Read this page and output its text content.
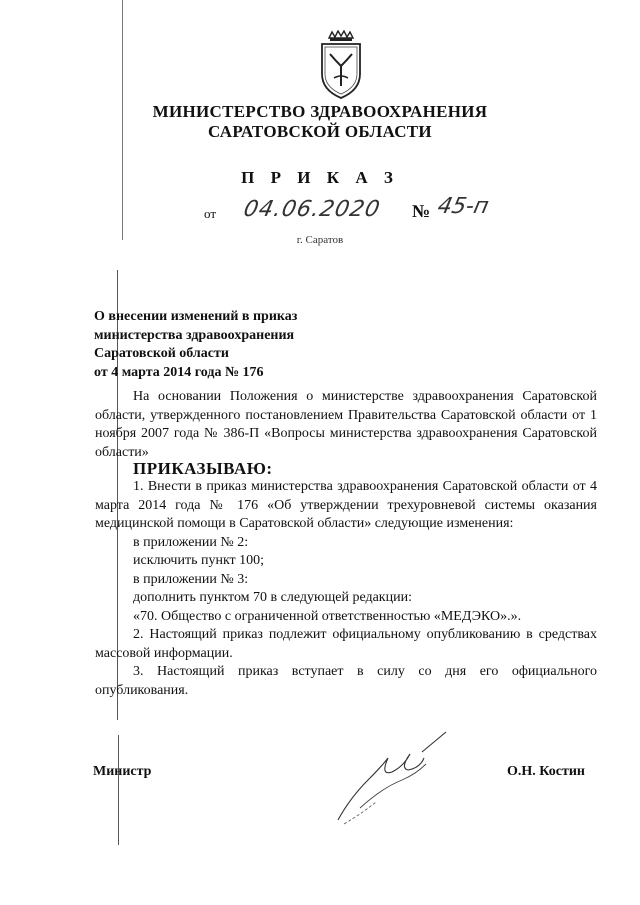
МИНИСТЕРСТВО ЗДРАВООХРАНЕНИЯ
САРАТОВСКОЙ ОБЛАСТИ
П Р И К А З
от 04.06.2020 № 45-п
г. Саратов
О внесении изменений в приказ
министерства здравоохранения
Саратовской области
от 4 марта 2014 года № 176
На основании Положения о министерстве здравоохранения Саратовской области, утвержденного постановлением Правительства Саратовской области от 1 ноября 2007 года № 386-П «Вопросы министерства здравоохранения Саратовской области»
ПРИКАЗЫВАЮ:
1. Внести в приказ министерства здравоохранения Саратовской области от 4 марта 2014 года № 176 «Об утверждении трехуровневой системы оказания медицинской помощи в Саратовской области» следующие изменения:
в приложении № 2:
исключить пункт 100;
в приложении № 3:
дополнить пунктом 70 в следующей редакции:
«70. Общество с ограниченной ответственностью «МЕДЭКО».».
2. Настоящий приказ подлежит официальному опубликованию в средствах массовой информации.
3. Настоящий приказ вступает в силу со дня его официального опубликования.
Министр	О.Н. Костин
